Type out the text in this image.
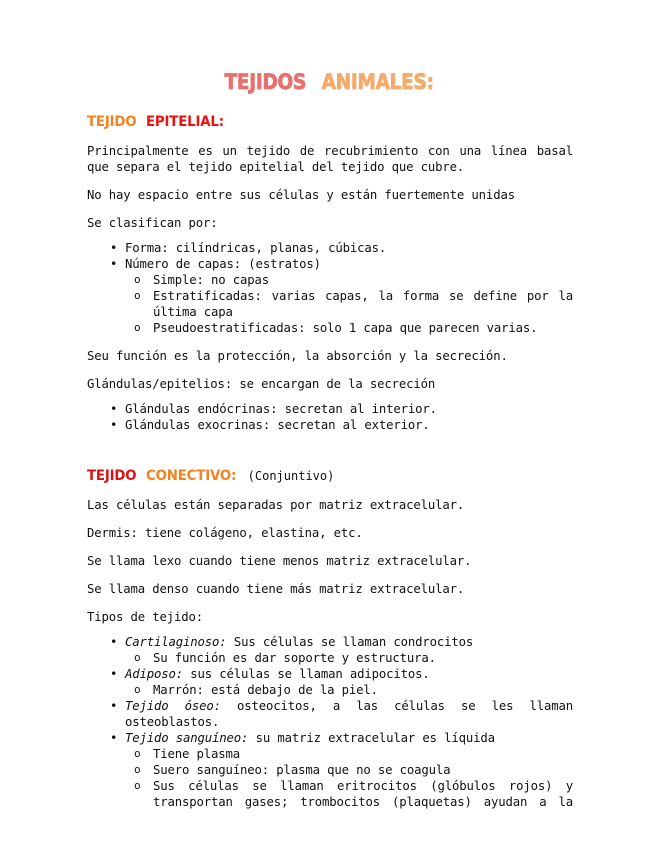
TEJIDOS ANIMALES:
TEJIDO EPITELIAL:

Principalmente es un tejido de recubrimiento con una línea basal que separa el tejido epitelial del tejido que cubre.

No hay espacio entre sus células y están fuertemente unidas

Se clasifican por:

• Forma: cilíndricas, planas, cúbicas.
• Número de capas: (estratos)
o Simple: no capas
o Estratificadas: varias capas, la forma se define por la última capa
o Pseudoestratificadas: solo 1 capa que parecen varias.

Seu función es la protección, la absorción y la secreción.

Glándulas/epitelios: se encargan de la secreción

• Glándulas endócrinas: secretan al interior.
• Glándulas exocrinas: secretan al exterior.
TEJIDO CONECTIVO: (Conjuntivo)

Las células están separadas por matriz extracelular.

Dermis: tiene colágeno, elastina, etc.

Se llama lexo cuando tiene menos matriz extracelular.

Se llama denso cuando tiene más matriz extracelular.

Tipos de tejido:

• Cartilaginoso: Sus células se llaman condrocitos
o Su función es dar soporte y estructura.
• Adiposo: sus células se llaman adipocitos.
o Marrón: está debajo de la piel.
• Tejido óseo: osteocitos, a las células se les llaman osteoblastos.
• Tejido sanguíneo: su matriz extracelular es líquida
o Tiene plasma
o Suero sanguíneo: plasma que no se coagula
o Sus células se llaman eritrocitos (glóbulos rojos) y transportan gases; trombocitos (plaquetas) ayudan a la
